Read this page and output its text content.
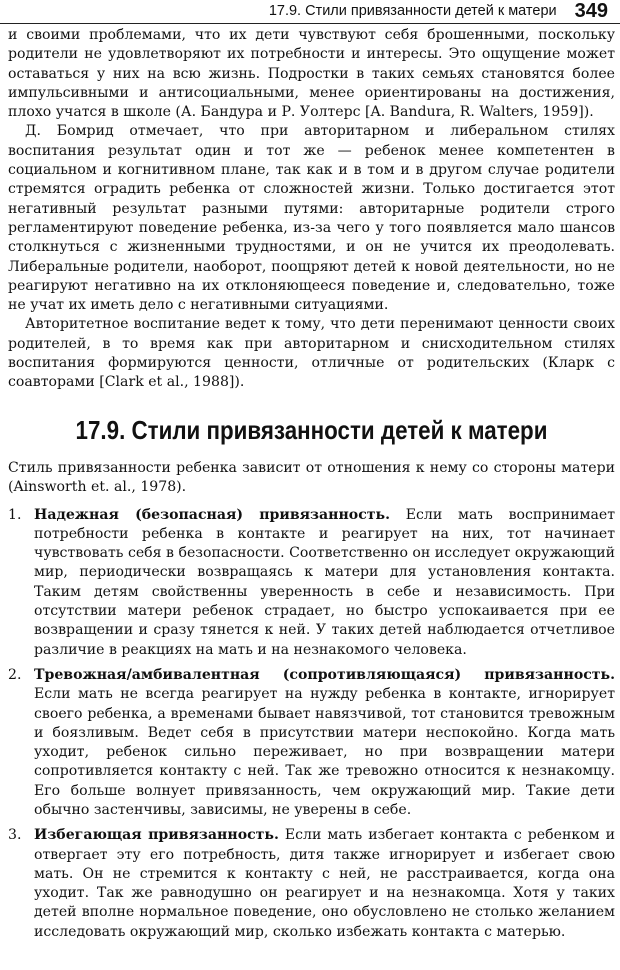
17.9. Стили привязанности детей к матери 349

и своими проблемами, что их дети чувствуют себя брошенными, поскольку родители не удовлетворяют их потребности и интересы. Это ощущение может оставаться у них на всю жизнь. Подростки в таких семьях становятся более импульсивными и антисоциальными, менее ориентированы на достижения, плохо учатся в школе (А. Бандура и Р. Уолтерс [A. Bandura, R. Walters, 1959]).

Д. Бомрид отмечает, что при авторитарном и либеральном стилях воспитания результат один и тот же — ребенок менее компетентен в социальном и когнитивном плане, так как и в том и в другом случае родители стремятся оградить ребенка от сложностей жизни. Только достигается этот негативный результат разными путями: авторитарные родители строго регламентируют поведение ребенка, из-за чего у того появляется мало шансов столкнуться с жизненными трудностями, и он не учится их преодолевать. Либеральные родители, наоборот, поощряют детей к новой деятельности, но не реагируют негативно на их отклоняющееся поведение и, следовательно, тоже не учат их иметь дело с негативными ситуациями.

Авторитетное воспитание ведет к тому, что дети перенимают ценности своих родителей, в то время как при авторитарном и снисходительном стилях воспитания формируются ценности, отличные от родительских (Кларк с соавторами [Clark et al., 1988]).

17.9. Стили привязанности детей к матери

Стиль привязанности ребенка зависит от отношения к нему со стороны матери (Ainsworth et. al., 1978).

1. Надежная (безопасная) привязанность. Если мать воспринимает потребности ребенка в контакте и реагирует на них, тот начинает чувствовать себя в безопасности. Соответственно он исследует окружающий мир, периодически возвращаясь к матери для установления контакта. Таким детям свойственны уверенность в себе и независимость. При отсутствии матери ребенок страдает, но быстро успокаивается при ее возвращении и сразу тянется к ней. У таких детей наблюдается отчетливое различие в реакциях на мать и на незнакомого человека.
2. Тревожная/амбивалентная (сопротивляющаяся) привязанность. Если мать не всегда реагирует на нужду ребенка в контакте, игнорирует своего ребенка, а временами бывает навязчивой, тот становится тревожным и боязливым. Ведет себя в присутствии матери неспокойно. Когда мать уходит, ребенок сильно переживает, но при возвращении матери сопротивляется контакту с ней. Так же тревожно относится к незнакомцу. Его больше волнует привязанность, чем окружающий мир. Такие дети обычно застенчивы, зависимы, не уверены в себе.
3. Избегающая привязанность. Если мать избегает контакта с ребенком и отвергает эту его потребность, дитя также игнорирует и избегает свою мать. Он не стремится к контакту с ней, не расстраивается, когда она уходит. Так же равнодушно он реагирует и на незнакомца. Хотя у таких детей вполне нормальное поведение, оно обусловлено не столько желанием исследовать окружающий мир, сколько избежать контакта с матерью.
